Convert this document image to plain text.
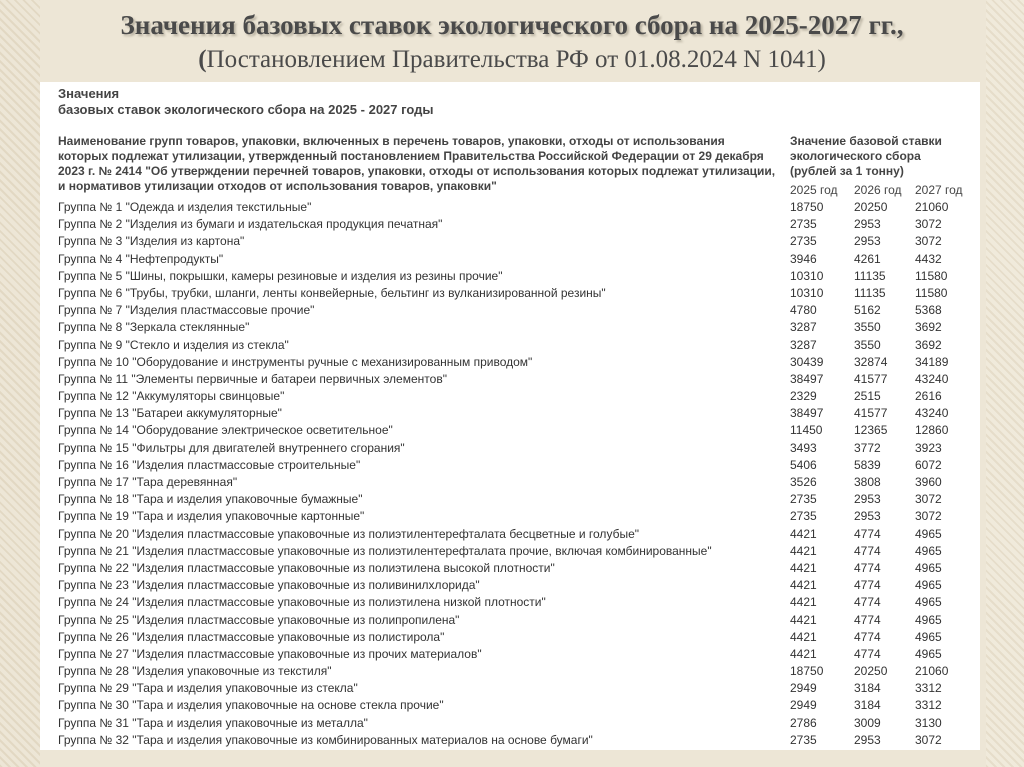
Значения базовых ставок экологического сбора на 2025-2027 гг.,
(Постановлением Правительства РФ от 01.08.2024 N 1041)
Значения
базовых ставок экологического сбора на 2025 - 2027 годы
Наименование групп товаров, упаковки, включенных в перечень товаров, упаковки, отходы от использования которых подлежат утилизации, утвержденный постановлением Правительства Российской Федерации от 29 декабря 2023 г. № 2414 "Об утверждении перечней товаров, упаковки, отходы от использования которых подлежат утилизации, и нормативов утилизации отходов от использования товаров, упаковки"
Значение базовой ставки экологического сбора (рублей за 1 тонну)
2025 год 2026 год 2027 год
Группа № 1 "Одежда и изделия текстильные"	18750	20250 21060
Группа № 2 "Изделия из бумаги и издательская продукция печатная"	2735	2953	3072
Группа № 3 "Изделия из картона"	2735	2953	3072
Группа № 4 "Нефтепродукты"	3946	4261	4432
Группа № 5 "Шины, покрышки, камеры резиновые и изделия из резины прочие"	10310	11135 11580
Группа № 6 "Трубы, трубки, шланги, ленты конвейерные, бельтинг из вулканизированной резины"	10310	11135 11580
Группа № 7 "Изделия пластмассовые прочие"	4780	5162	5368
Группа № 8 "Зеркала стеклянные"	3287	3550	3692
Группа № 9 "Стекло и изделия из стекла"	3287	3550	3692
Группа № 10 "Оборудование и инструменты ручные с механизированным приводом"	30439	32874 34189
Группа № 11 "Элементы первичные и батареи первичных элементов"	38497	41577 43240
Группа № 12 "Аккумуляторы свинцовые"	2329	2515	2616
Группа № 13 "Батареи аккумуляторные"	38497	41577 43240
Группа № 14 "Оборудование электрическое осветительное"	11450	12365 12860
Группа № 15 "Фильтры для двигателей внутреннего сгорания"	3493	3772	3923
Группа № 16 "Изделия пластмассовые строительные"	5406	5839	6072
Группа № 17 "Тара деревянная"	3526	3808	3960
Группа № 18 "Тара и изделия упаковочные бумажные"	2735	2953	3072
Группа № 19 "Тара и изделия упаковочные картонные"	2735	2953	3072
Группа № 20 "Изделия пластмассовые упаковочные из полиэтилентерефталата бесцветные и голубые"	4421	4774	4965
Группа № 21 "Изделия пластмассовые упаковочные из полиэтилентерефталата прочие, включая комбинированные"	4421	4774	4965
Группа № 22 "Изделия пластмассовые упаковочные из полиэтилена высокой плотности"	4421	4774	4965
Группа № 23 "Изделия пластмассовые упаковочные из поливинилхлорида"	4421	4774	4965
Группа № 24 "Изделия пластмассовые упаковочные из полиэтилена низкой плотности"	4421	4774	4965
Группа № 25 "Изделия пластмассовые упаковочные из полипропилена"	4421	4774	4965
Группа № 26 "Изделия пластмассовые упаковочные из полистирола"	4421	4774	4965
Группа № 27 "Изделия пластмассовые упаковочные из прочих материалов"	4421	4774	4965
Группа № 28 "Изделия упаковочные из текстиля"	18750	20250 21060
Группа № 29 "Тара и изделия упаковочные из стекла"	2949	3184	3312
Группа № 30 "Тара и изделия упаковочные на основе стекла прочие"	2949	3184	3312
Группа № 31 "Тара и изделия упаковочные из металла"	2786	3009	3130
Группа № 32 "Тара и изделия упаковочные из комбинированных материалов на основе бумаги"	2735	2953	3072
